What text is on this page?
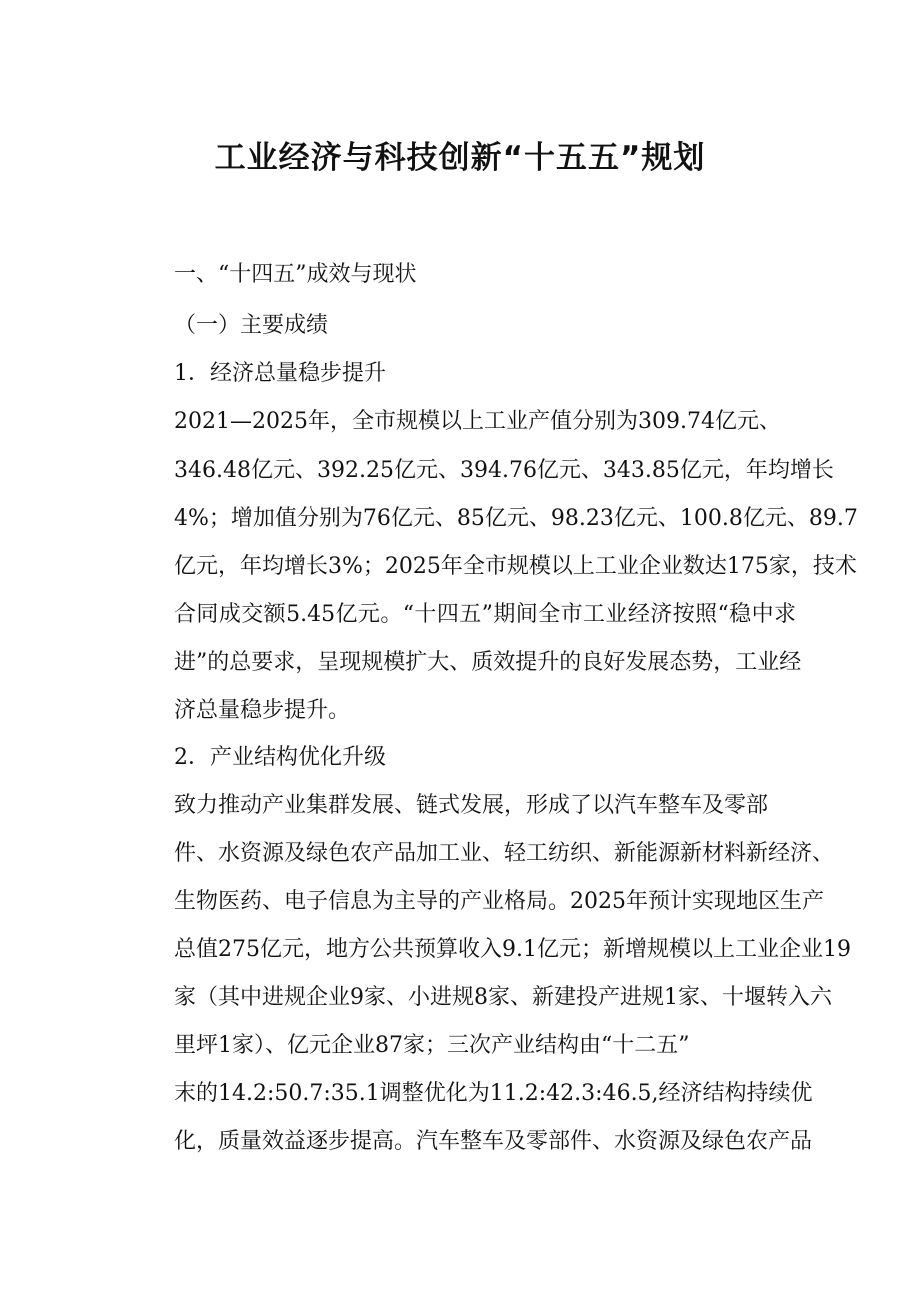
工业经济与科技创新“十五五”规划
一、“十四五”成效与现状
（一）主要成绩
1．经济总量稳步提升
2021—2025年，全市规模以上工业产值分别为309.74亿元、
346.48亿元、392.25亿元、394.76亿元、343.85亿元，年均增长
4%；增加值分别为76亿元、85亿元、98.23亿元、100.8亿元、89.7
亿元，年均增长3%；2025年全市规模以上工业企业数达175家，技术
合同成交额5.45亿元。“十四五”期间全市工业经济按照“稳中求
进”的总要求，呈现规模扩大、质效提升的良好发展态势，工业经
济总量稳步提升。
2．产业结构优化升级
致力推动产业集群发展、链式发展，形成了以汽车整车及零部
件、水资源及绿色农产品加工业、轻工纺织、新能源新材料新经济、
生物医药、电子信息为主导的产业格局。2025年预计实现地区生产
总值275亿元，地方公共预算收入9.1亿元；新增规模以上工业企业19
家（其中进规企业9家、小进规8家、新建投产进规1家、十堰转入六
里坪1家）、亿元企业87家；三次产业结构由“十二五”
末的14.2:50.7:35.1调整优化为11.2:42.3:46.5,经济结构持续优
化，质量效益逐步提高。汽车整车及零部件、水资源及绿色农产品
